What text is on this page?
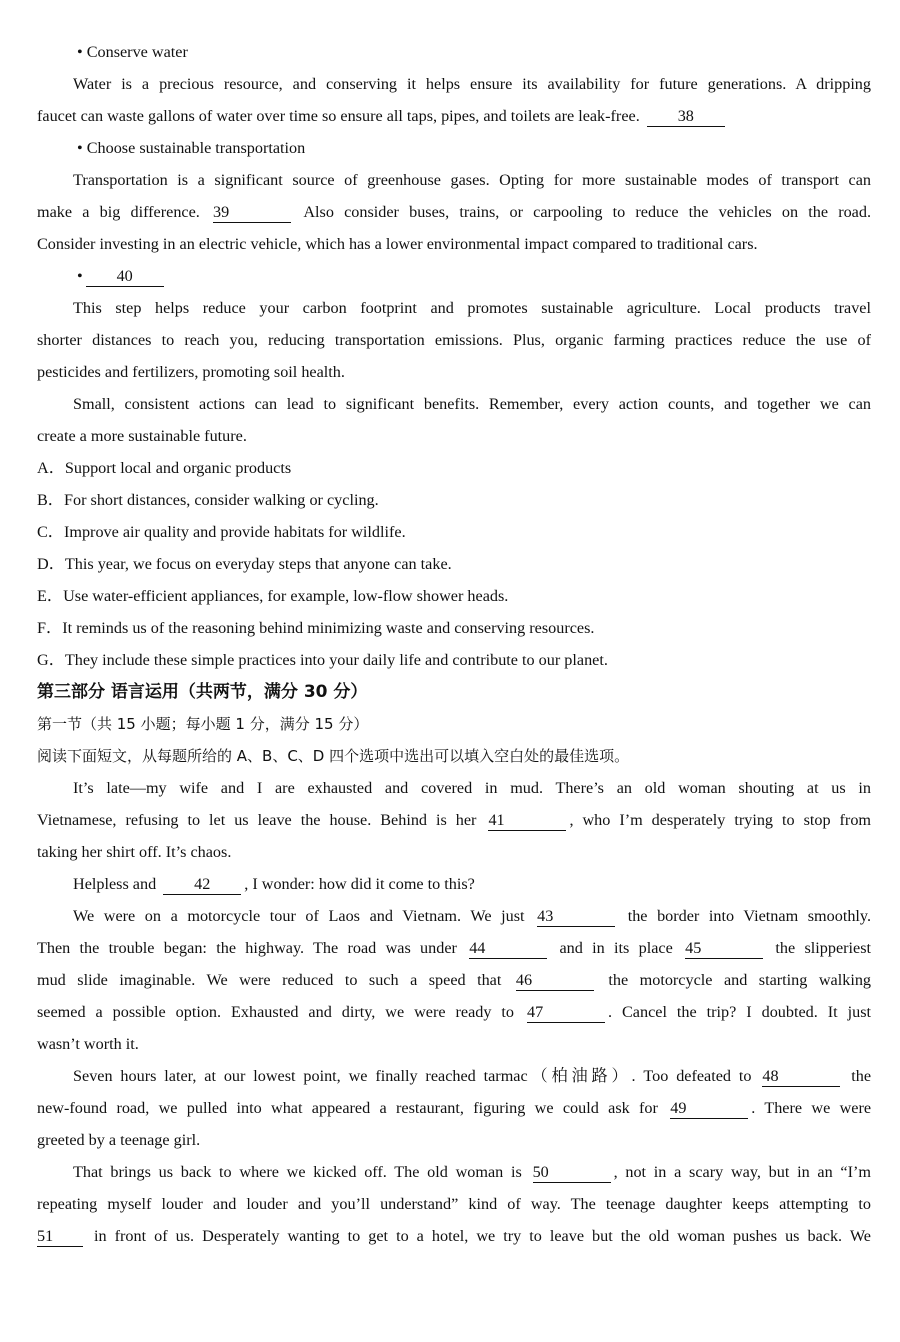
• Conserve water
Water is a precious resource, and conserving it helps ensure its availability for future generations. A dripping
faucet can waste gallons of water over time so ensure all taps, pipes, and toilets are leak-free. 38
• Choose sustainable transportation
Transportation is a significant source of greenhouse gases. Opting for more sustainable modes of transport can
make a big difference. 39	Also consider buses, trains, or carpooling to reduce the vehicles on the road.
Consider investing in an electric vehicle, which has a lower environmental impact compared to traditional cars.
• 40
This step helps reduce your carbon footprint and promotes sustainable agriculture. Local products travel
shorter distances to reach you, reducing transportation emissions. Plus, organic farming practices reduce the use of
pesticides and fertilizers, promoting soil health.
Small, consistent actions can lead to significant benefits. Remember, every action counts, and together we can
create a more sustainable future.
A．Support local and organic products
B．For short distances, consider walking or cycling.
C．Improve air quality and provide habitats for wildlife.
D．This year, we focus on everyday steps that anyone can take.
E．Use water-efficient appliances, for example, low-flow shower heads.
F．It reminds us of the reasoning behind minimizing waste and conserving resources.
G．They include these simple practices into your daily life and contribute to our planet.
第三部分 语言运用（共两节，满分 30 分）
第一节（共 15 小题；每小题 1 分，满分 15 分）
阅读下面短文，从每题所给的 A、B、C、D 四个选项中选出可以填入空白处的最佳选项。
It’s late—my wife and I are exhausted and covered in mud. There’s an old woman shouting at us in
Vietnamese, refusing to let us leave the house. Behind is her 41	, who I’m desperately trying to stop from
taking her shirt off. It’s chaos.
Helpless and 42 , I wonder: how did it come to this?
We were on a motorcycle tour of Laos and Vietnam. We just 43	the border into Vietnam smoothly.
Then the trouble began: the highway. The road was under 44	and in its place 45	the slipperiest
mud slide imaginable. We were reduced to such a speed that 46	the motorcycle and starting walking
seemed a possible option. Exhausted and dirty, we were ready to 47	. Cancel the trip? I doubted. It just
wasn’t worth it.
Seven hours later, at our lowest point, we finally reached tarmac（柏油路）. Too defeated to 48	the
new-found road, we pulled into what appeared a restaurant, figuring we could ask for 49	. There we were
greeted by a teenage girl.
That brings us back to where we kicked off. The old woman is 50	, not in a scary way, but in an “I’m
repeating myself louder and louder and you’ll understand” kind of way. The teenage daughter keeps attempting to
51	in front of us. Desperately wanting to get to a hotel, we try to leave but the old woman pushes us back. We
